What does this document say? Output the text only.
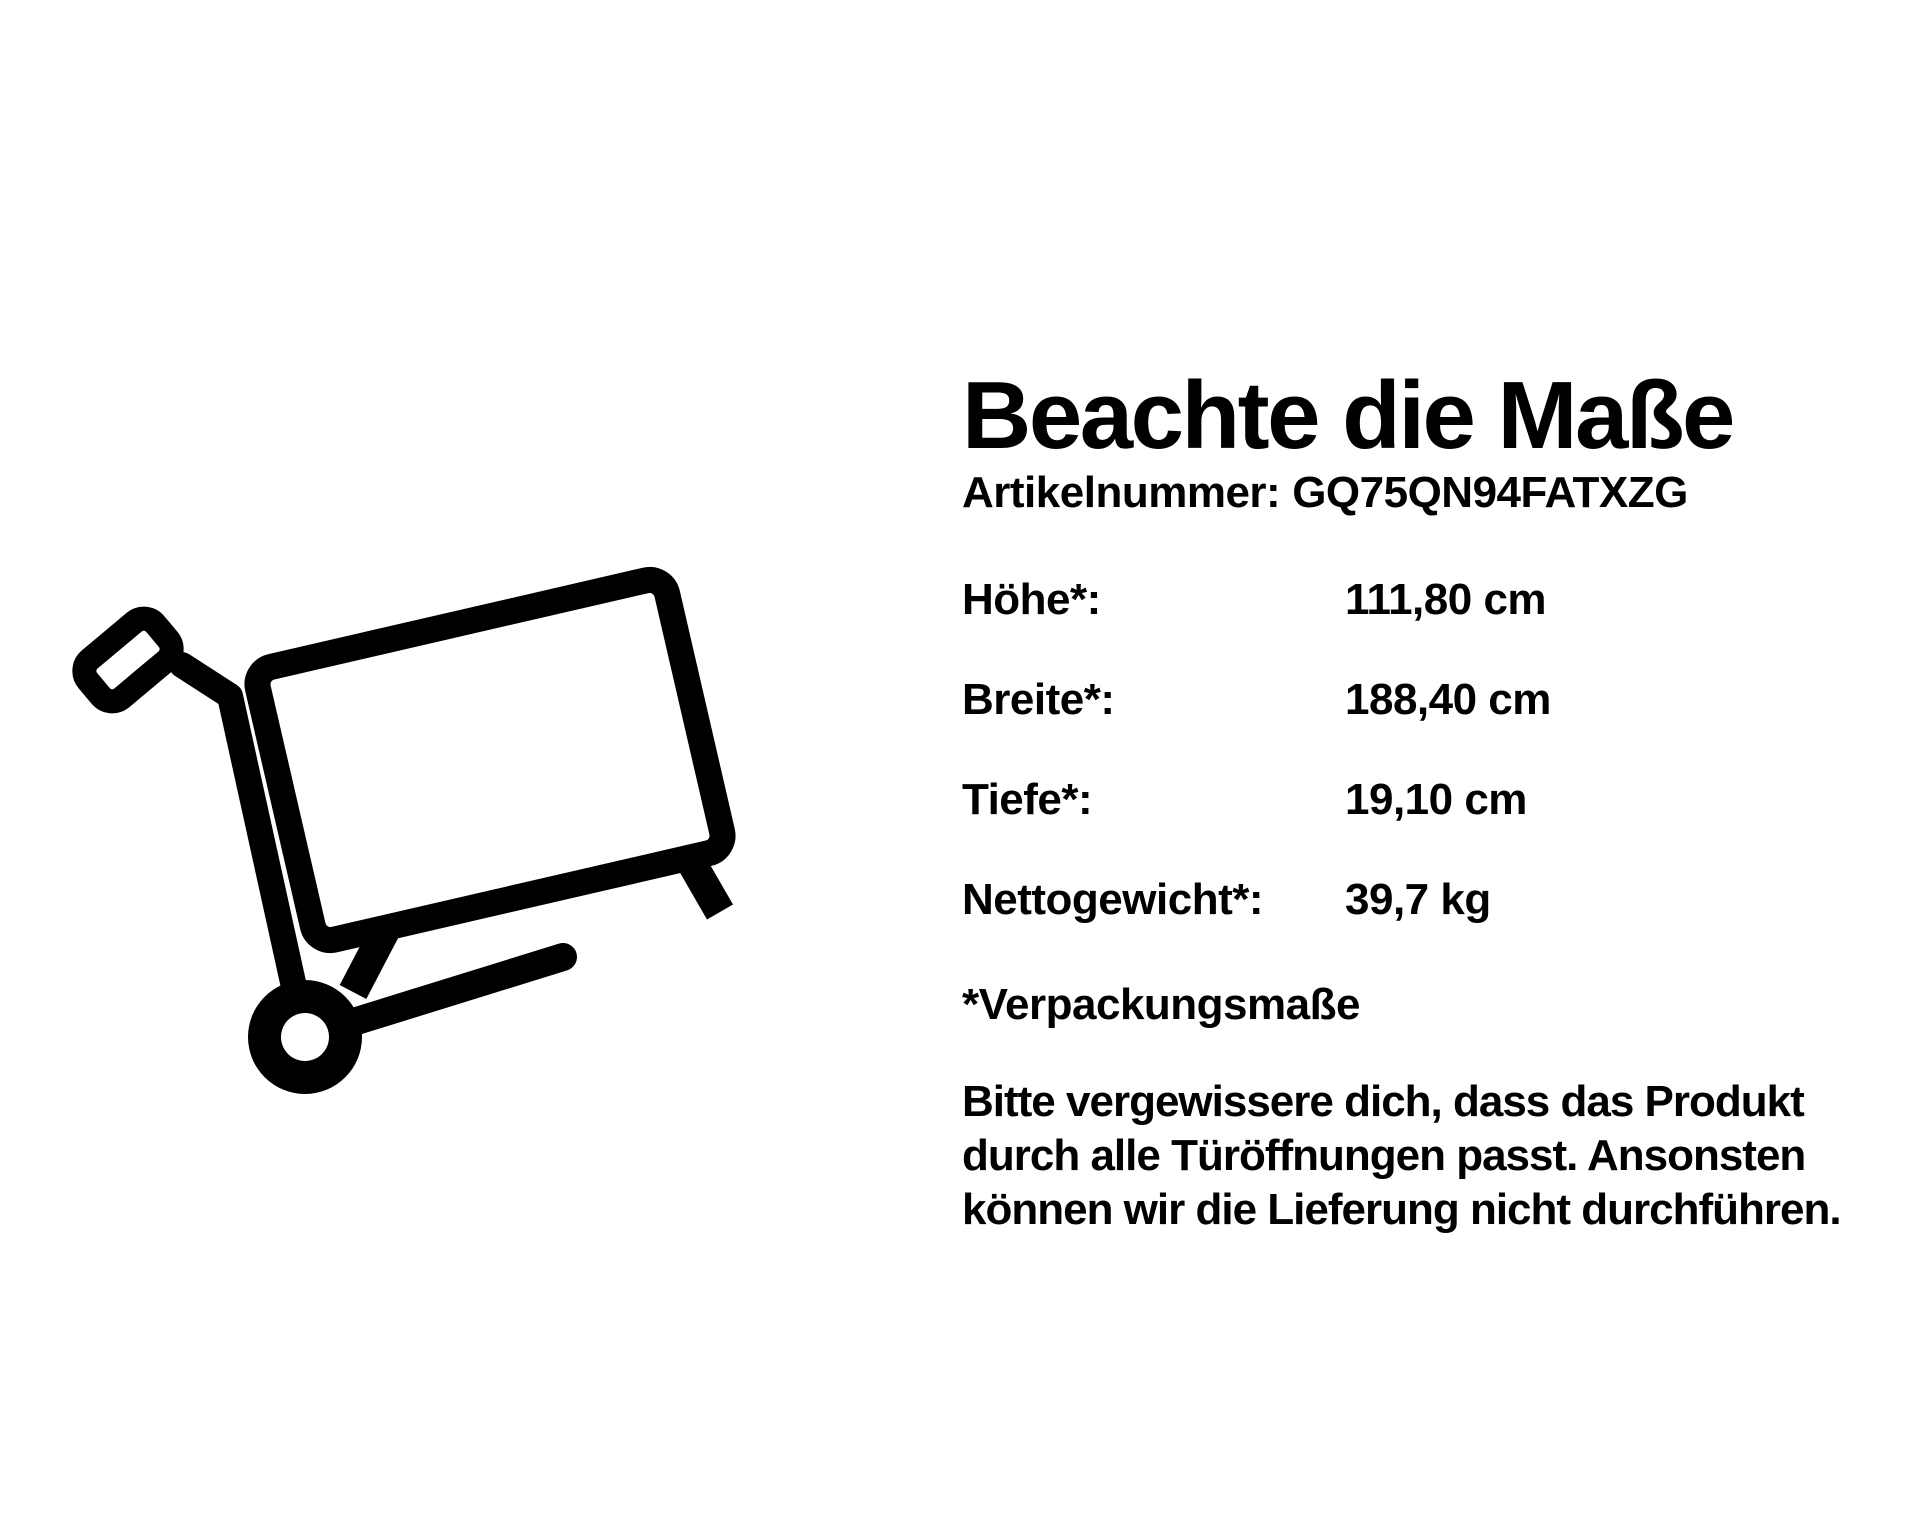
Beachte die Maße
Artikelnummer: GQ75QN94FATXZG
Höhe*:	111,80 cm
Breite*:	188,40 cm
Tiefe*:	19,10 cm
Nettogewicht*:	39,7 kg
*Verpackungsmaße
Bitte vergewissere dich, dass das Produkt
durch alle Türöffnungen passt. Ansonsten
können wir die Lieferung nicht durchführen.
